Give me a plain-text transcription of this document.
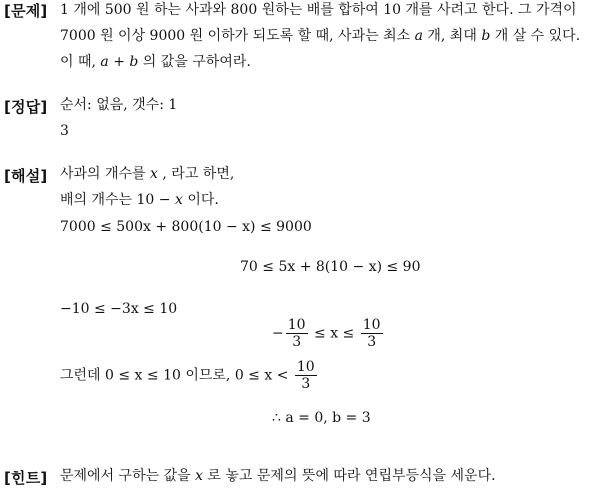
[문제] 1 개에 500 원 하는 사과와 800 원하는 배를 합하여 10 개를 사려고 한다. 그 가격이
7000 원 이상 9000 원 이하가 되도록 할 때, 사과는 최소 a 개, 최대 b 개 살 수 있다.
이 때, a + b 의 값을 구하여라.
[정답] 순서: 없음, 갯수: 1
3
[해설] 사과의 개수를 x , 라고 하면,
배의 개수는 10 − x 이다.
7000 ≤ 500x + 800(10 − x) ≤ 9000
70 ≤ 5x + 8(10 − x) ≤ 90
−10 ≤ −3x ≤ 10
− $\frac{10}{3} \le x \le \frac{10}{3}$
그런데 0 ≤ x ≤ 10 이므로, $0 \le x < \frac{10}{3}$
∴ a = 0, b = 3
[힌트] 문제에서 구하는 값을 x 로 놓고 문제의 뜻에 따라 연립부등식을 세운다.
